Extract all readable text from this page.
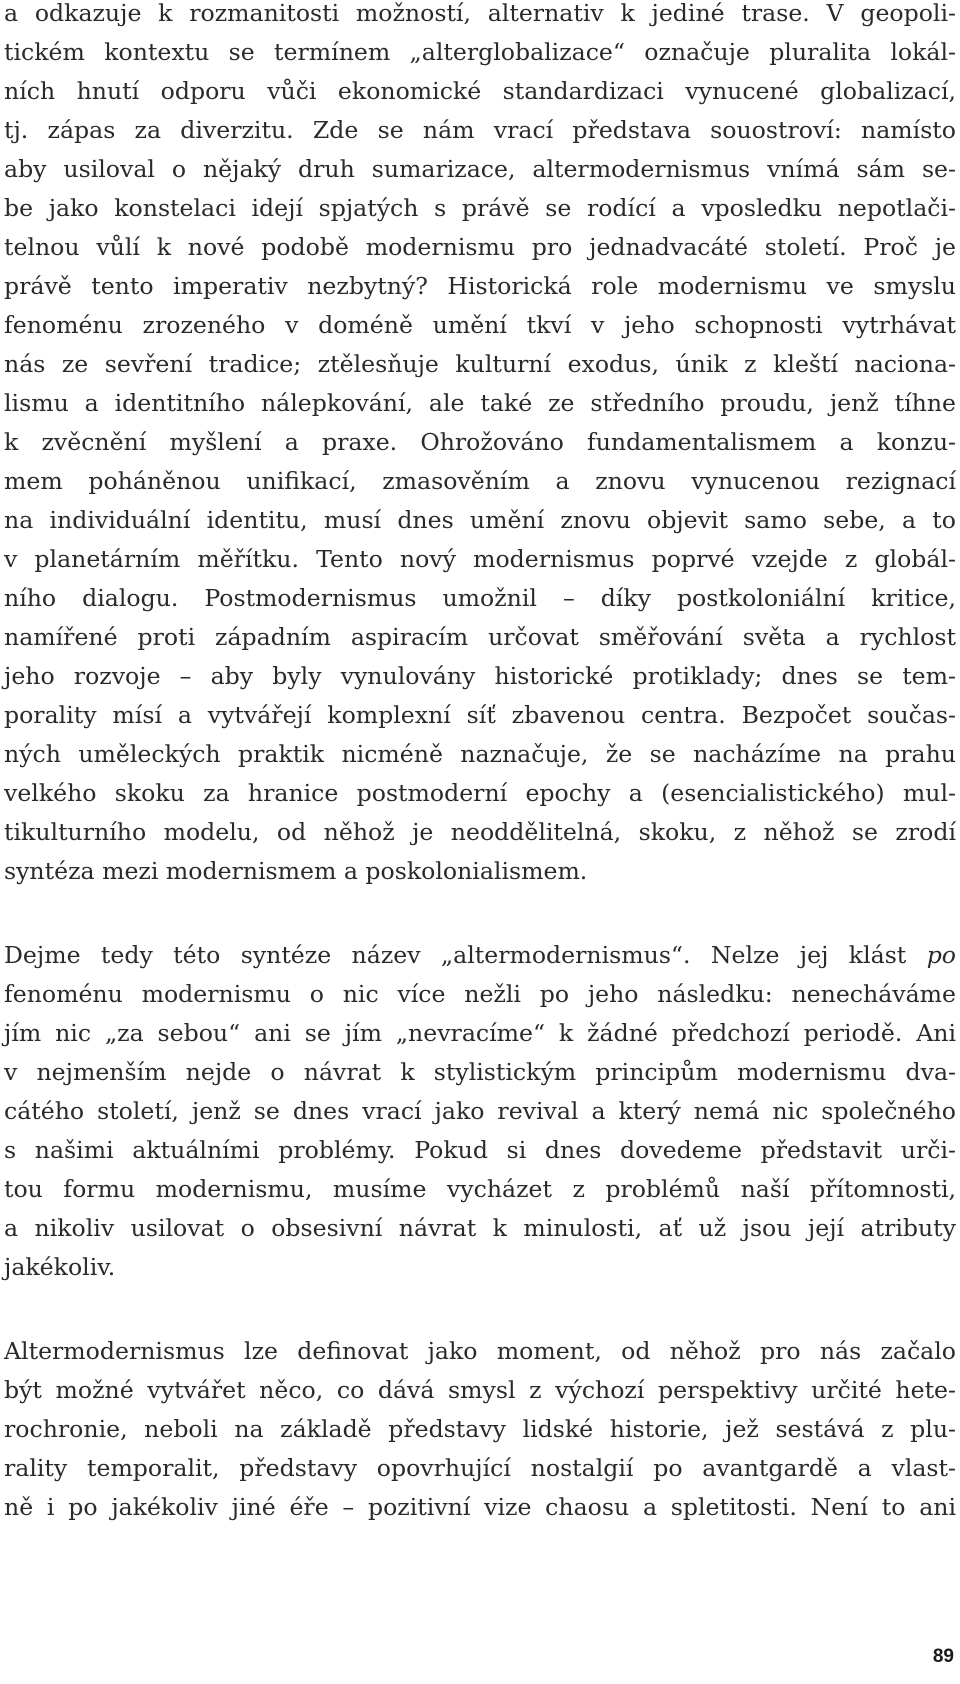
a odkazuje k rozmanitosti možností, alternativ k jediné trase. V geopoli-
tickém kontextu se termínem „alterglobalizace“ označuje pluralita lokál-
ních hnutí odporu vůči ekonomické standardizaci vynucené globalizací,
tj. zápas za diverzitu. Zde se nám vrací představa souostroví: namísto
aby usiloval o nějaký druh sumarizace, altermodernismus vnímá sám se-
be jako konstelaci idejí spjatých s právě se rodící a vposledku nepotlači-
telnou vůlí k nové podobě modernismu pro jednadvacáté století. Proč je
právě tento imperativ nezbytný? Historická role modernismu ve smyslu
fenoménu zrozeného v doméně umění tkví v jeho schopnosti vytrhávat
nás ze sevření tradice; ztělesňuje kulturní exodus, únik z kleští naciona-
lismu a identitního nálepkování, ale také ze středního proudu, jenž tíhne
k zvěcnění myšlení a praxe. Ohrožováno fundamentalismem a konzu-
mem poháněnou unifikací, zmasověním a znovu vynucenou rezignací
na individuální identitu, musí dnes umění znovu objevit samo sebe, a to
v planetárním měřítku. Tento nový modernismus poprvé vzejde z globál-
ního dialogu. Postmodernismus umožnil – díky postkoloniální kritice,
namířené proti západním aspiracím určovat směřování světa a rychlost
jeho rozvoje – aby byly vynulovány historické protiklady; dnes se tem-
porality mísí a vytvářejí komplexní síť zbavenou centra. Bezpočet součas-
ných uměleckých praktik nicméně naznačuje, že se nacházíme na prahu
velkého skoku za hranice postmoderní epochy a (esencialistického) mul-
tikulturního modelu, od něhož je neoddělitelná, skoku, z něhož se zrodí
syntéza mezi modernismem a poskolonialismem.
Dejme tedy této syntéze název „altermodernismus“. Nelze jej klást po
fenoménu modernismu o nic více nežli po jeho následku: nenecháváme
jím nic „za sebou“ ani se jím „nevracíme“ k žádné předchozí periodě. Ani
v nejmenším nejde o návrat k stylistickým principům modernismu dva-
cátého století, jenž se dnes vrací jako revival a který nemá nic společného
s našimi aktuálními problémy. Pokud si dnes dovedeme představit urči-
tou formu modernismu, musíme vycházet z problémů naší přítomnosti,
a nikoliv usilovat o obsesivní návrat k minulosti, ať už jsou její atributy
jakékoliv.
Altermodernismus lze definovat jako moment, od něhož pro nás začalo
být možné vytvářet něco, co dává smysl z výchozí perspektivy určité hete-
rochronie, neboli na základě představy lidské historie, jež sestává z plu-
rality temporalit, představy opovrhující nostalgií po avantgardě a vlast-
ně i po jakékoliv jiné éře – pozitivní vize chaosu a spletitosti. Není to ani
89
